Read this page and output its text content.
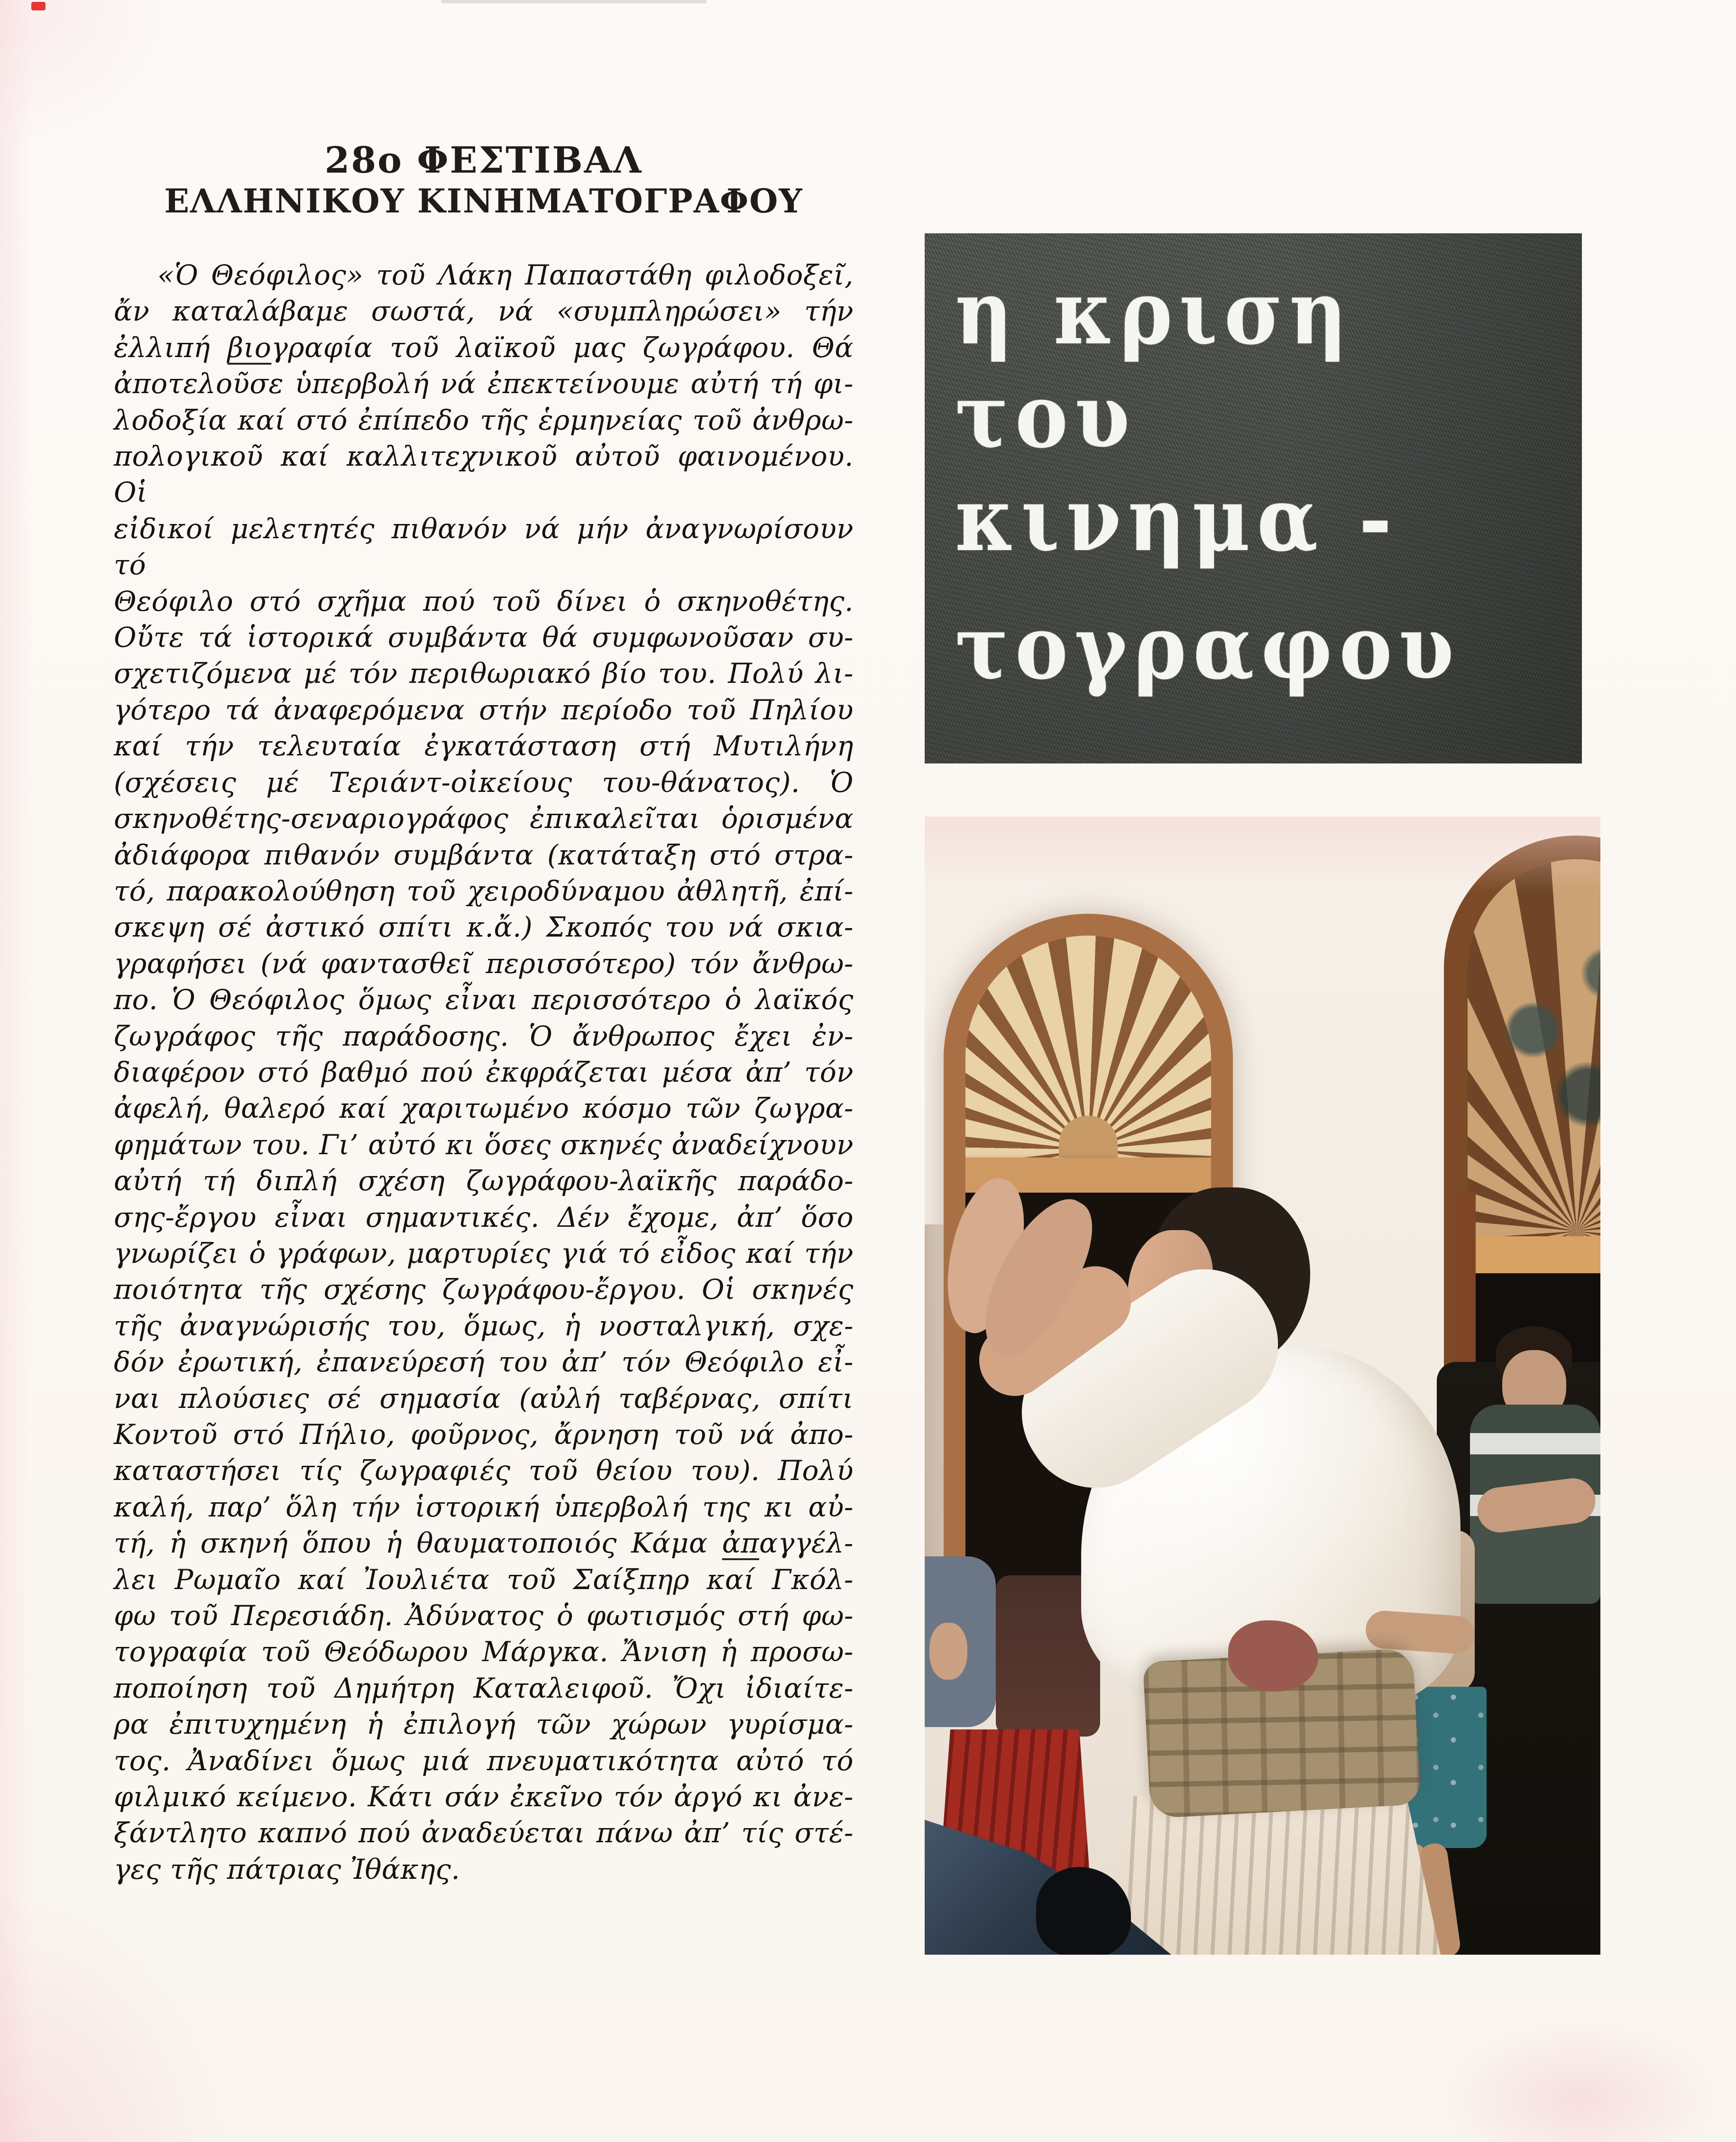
28ο ΦΕΣΤΙΒΑΛ
ΕΛΛΗΝΙΚΟΥ ΚΙΝΗΜΑΤΟΓΡΑΦΟΥ
«Ὁ Θεόφιλος» τοῦ Λάκη Παπαστάθη φιλοδοξεῖ,
ἄν καταλάβαμε σωστά, νά «συμπληρώσει» τήν
ἐλλιπή βιογραφία τοῦ λαϊκοῦ μας ζωγράφου. Θά
ἀποτελοῦσε ὑπερβολή νά ἐπεκτείνουμε αὐτή τή φι-
λοδοξία καί στό ἐπίπεδο τῆς ἑρμηνείας τοῦ ἀνθρω-
πολογικοῦ καί καλλιτεχνικοῦ αὐτοῦ φαινομένου. Οἱ
εἰδικοί μελετητές πιθανόν νά μήν ἀναγνωρίσουν τό
Θεόφιλο στό σχῆμα πού τοῦ δίνει ὁ σκηνοθέτης.
Οὔτε τά ἱστορικά συμβάντα θά συμφωνοῦσαν συ-
σχετιζόμενα μέ τόν περιθωριακό βίο του. Πολύ λι-
γότερο τά ἀναφερόμενα στήν περίοδο τοῦ Πηλίου
καί τήν τελευταία ἐγκατάσταση στή Μυτιλήνη
(σχέσεις μέ Τεριάντ-οἰκείους του-θάνατος). Ὁ
σκηνοθέτης-σεναριογράφος ἐπικαλεῖται ὁρισμένα
ἀδιάφορα πιθανόν συμβάντα (κατάταξη στό στρα-
τό, παρακολούθηση τοῦ χειροδύναμου ἀθλητῆ, ἐπί-
σκεψη σέ ἀστικό σπίτι κ.ἄ.) Σκοπός του νά σκια-
γραφήσει (νά φαντασθεῖ περισσότερο) τόν ἄνθρω-
πο. Ὁ Θεόφιλος ὅμως εἶναι περισσότερο ὁ λαϊκός
ζωγράφος τῆς παράδοσης. Ὁ ἄνθρωπος ἔχει ἐν-
διαφέρον στό βαθμό πού ἐκφράζεται μέσα ἀπ’ τόν
ἀφελή, θαλερό καί χαριτωμένο κόσμο τῶν ζωγρα-
φημάτων του. Γι’ αὐτό κι ὅσες σκηνές ἀναδείχνουν
αὐτή τή διπλή σχέση ζωγράφου-λαϊκῆς παράδο-
σης-ἔργου εἶναι σημαντικές. Δέν ἔχομε, ἀπ’ ὅσο
γνωρίζει ὁ γράφων, μαρτυρίες γιά τό εἶδος καί τήν
ποιότητα τῆς σχέσης ζωγράφου-ἔργου. Οἱ σκηνές
τῆς ἀναγνώρισής του, ὅμως, ἡ νοσταλγική, σχε-
δόν ἐρωτική, ἐπανεύρεσή του ἀπ’ τόν Θεόφιλο εἶ-
ναι πλούσιες σέ σημασία (αὐλή ταβέρνας, σπίτι
Κοντοῦ στό Πήλιο, φοῦρνος, ἄρνηση τοῦ νά ἀπο-
καταστήσει τίς ζωγραφιές τοῦ θείου του). Πολύ
καλή, παρ’ ὅλη τήν ἱστορική ὑπερβολή της κι αὐ-
τή, ἡ σκηνή ὅπου ἡ θαυματοποιός Κάμα ἀπαγγέλ-
λει Ρωμαῖο καί Ἰουλιέτα τοῦ Σαίξπηρ καί Γκόλ-
φω τοῦ Περεσιάδη. Ἀδύνατος ὁ φωτισμός στή φω-
τογραφία τοῦ Θεόδωρου Μάργκα. Ἄνιση ἡ προσω-
ποποίηση τοῦ Δημήτρη Καταλειφοῦ. Ὄχι ἰδιαίτε-
ρα ἐπιτυχημένη ἡ ἐπιλογή τῶν χώρων γυρίσμα-
τος. Ἀναδίνει ὅμως μιά πνευματικότητα αὐτό τό
φιλμικό κείμενο. Κάτι σάν ἐκεῖνο τόν ἀργό κι ἀνε-
ξάντλητο καπνό πού ἀναδεύεται πάνω ἀπ’ τίς στέ-
γες τῆς πάτριας Ἰθάκης.
η κριση
του
κινημα -
τογραφου
